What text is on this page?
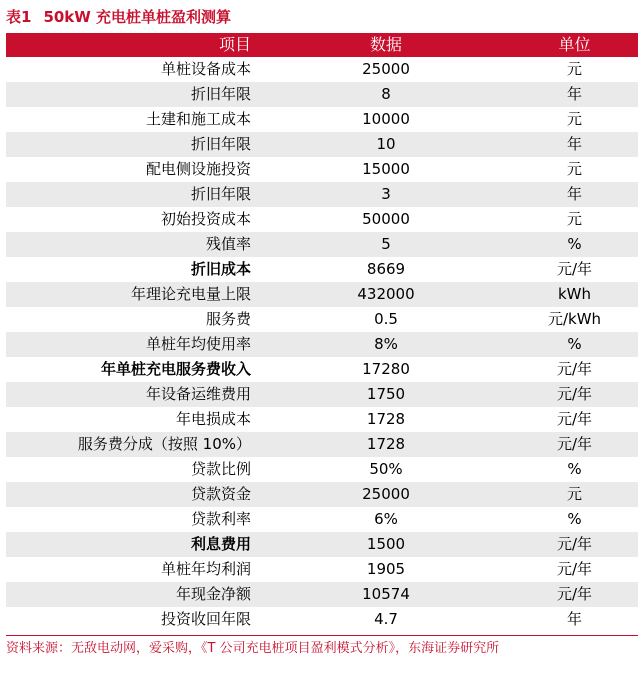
表1 50kW 充电桩单桩盈利测算
项目	数据	单位
单桩设备成本	25000	元
折旧年限	8	年
土建和施工成本	10000	元
折旧年限	10	年
配电侧设施投资	15000	元
折旧年限	3	年
初始投资成本	50000	元
残值率	5	%
折旧成本	8669	元/年
年理论充电量上限	432000	kWh
服务费	0.5	元/kWh
单桩年均使用率	8%	%
年单桩充电服务费收入	17280	元/年
年设备运维费用	1750	元/年
年电损成本	1728	元/年
服务费分成（按照 10%）	1728	元/年
贷款比例	50%	%
贷款资金	25000	元
贷款利率	6%	%
利息费用	1500	元/年
单桩年均利润	1905	元/年
年现金净额	10574	元/年
投资收回年限	4.7	年
资料来源：无敌电动网，爱采购，《T 公司充电桩项目盈利模式分析》，东海证券研究所
